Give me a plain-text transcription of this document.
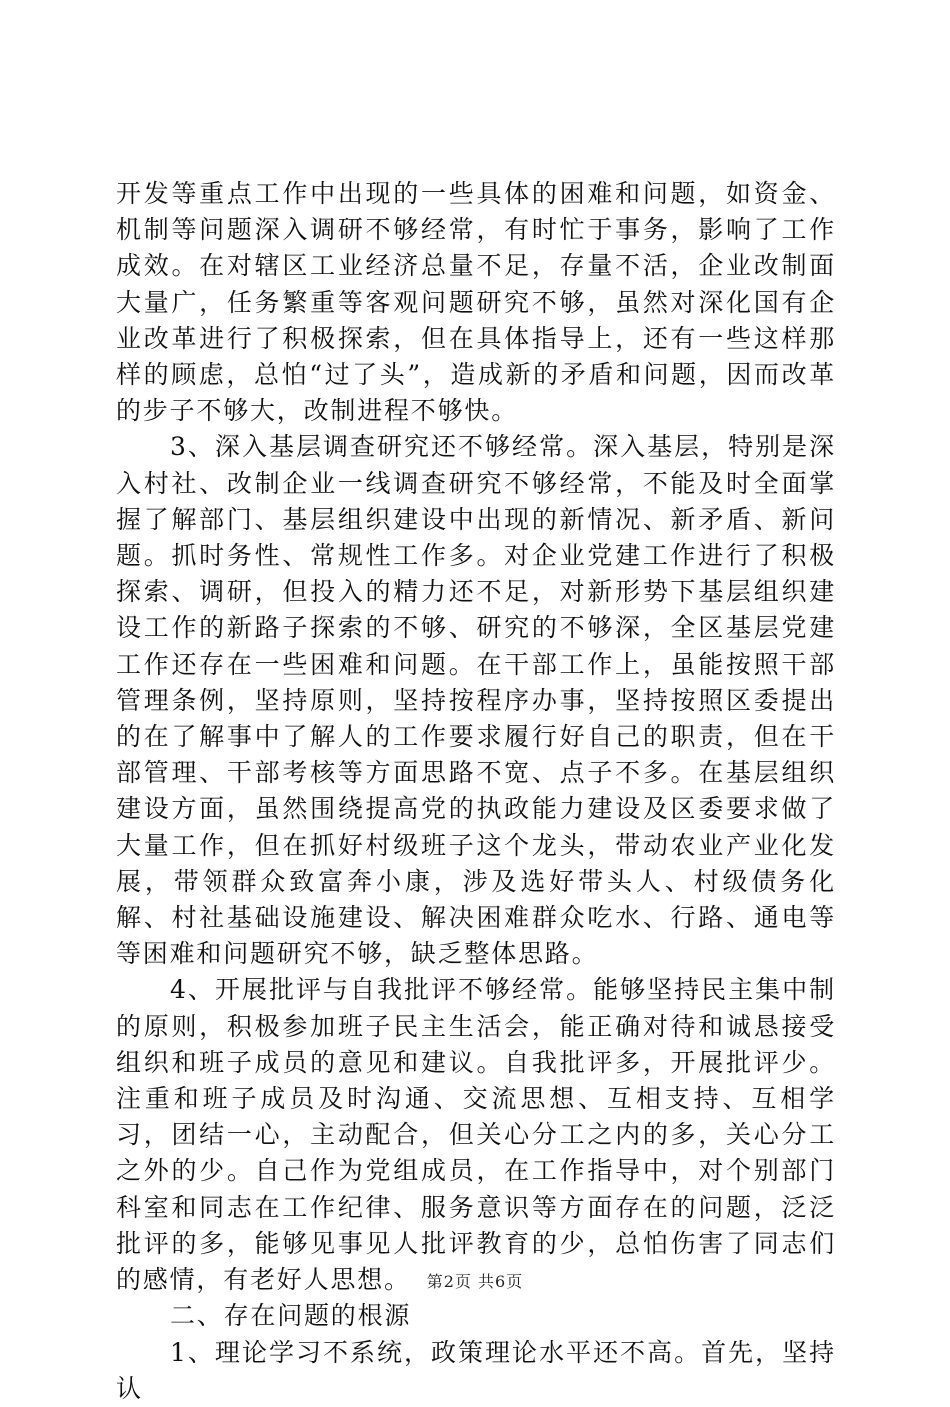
开发等重点工作中出现的一些具体的困难和问题，如资金、机制等问题深入调研不够经常，有时忙于事务，影响了工作成效。在对辖区工业经济总量不足，存量不活，企业改制面大量广，任务繁重等客观问题研究不够，虽然对深化国有企业改革进行了积极探索，但在具体指导上，还有一些这样那样的顾虑，总怕“过了头”，造成新的矛盾和问题，因而改革的步子不够大，改制进程不够快。

3、深入基层调查研究还不够经常。深入基层，特别是深入村社、改制企业一线调查研究不够经常，不能及时全面掌握了解部门、基层组织建设中出现的新情况、新矛盾、新问题。抓时务性、常规性工作多。对企业党建工作进行了积极探索、调研，但投入的精力还不足，对新形势下基层组织建设工作的新路子探索的不够、研究的不够深，全区基层党建工作还存在一些困难和问题。在干部工作上，虽能按照干部管理条例，坚持原则，坚持按程序办事，坚持按照区委提出的在了解事中了解人的工作要求履行好自己的职责，但在干部管理、干部考核等方面思路不宽、点子不多。在基层组织建设方面，虽然围绕提高党的执政能力建设及区委要求做了大量工作，但在抓好村级班子这个龙头，带动农业产业化发展，带领群众致富奔小康，涉及选好带头人、村级债务化解、村社基础设施建设、解决困难群众吃水、行路、通电等等困难和问题研究不够，缺乏整体思路。

4、开展批评与自我批评不够经常。能够坚持民主集中制的原则，积极参加班子民主生活会，能正确对待和诚恳接受组织和班子成员的意见和建议。自我批评多，开展批评少。注重和班子成员及时沟通、交流思想、互相支持、互相学习，团结一心，主动配合，但关心分工之内的多，关心分工之外的少。自己作为党组成员，在工作指导中，对个别部门科室和同志在工作纪律、服务意识等方面存在的问题，泛泛批评的多，能够见事见人批评教育的少，总怕伤害了同志们的感情，有老好人思想。

二、存在问题的根源

1、理论学习不系统，政策理论水平还不高。首先，坚持认

第2页 共6页
